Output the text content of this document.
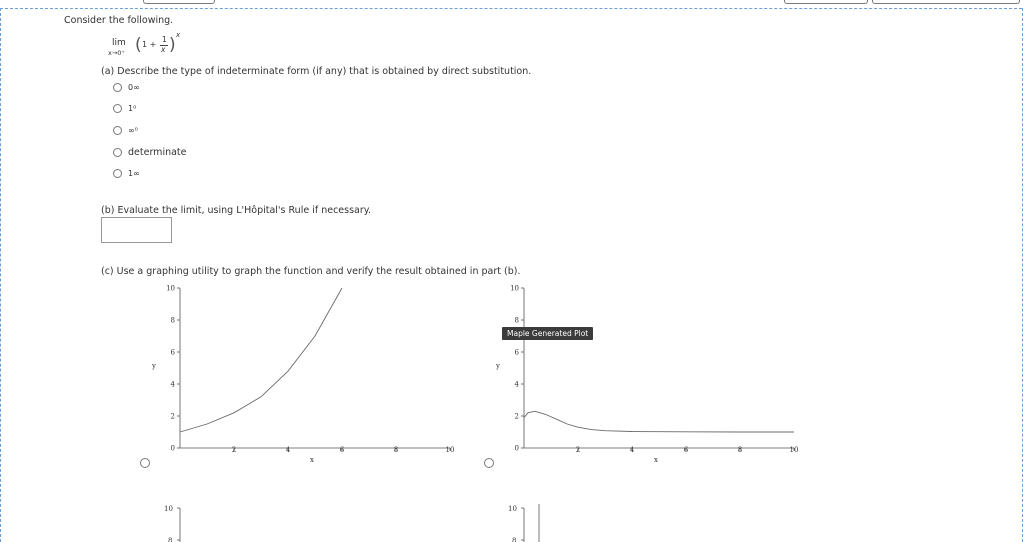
Consider the following.
lim
x→0⁺ ( 1 +
1
x ) x
(a) Describe the type of indeterminate form (if any) that is obtained by direct substitution.
0∞
1⁰
∞⁰
determinate
1∞
(b) Evaluate the limit, using L'Hôpital's Rule if necessary.
(c) Use a graphing utility to graph the function and verify the result obtained in part (b).
10
8
6
4
2
0	2	4	6	8	10
y
x
10
8
6
4
2
0	2	4	6	8	10
y
x
Maple Generated Plot
10
8
10
8
